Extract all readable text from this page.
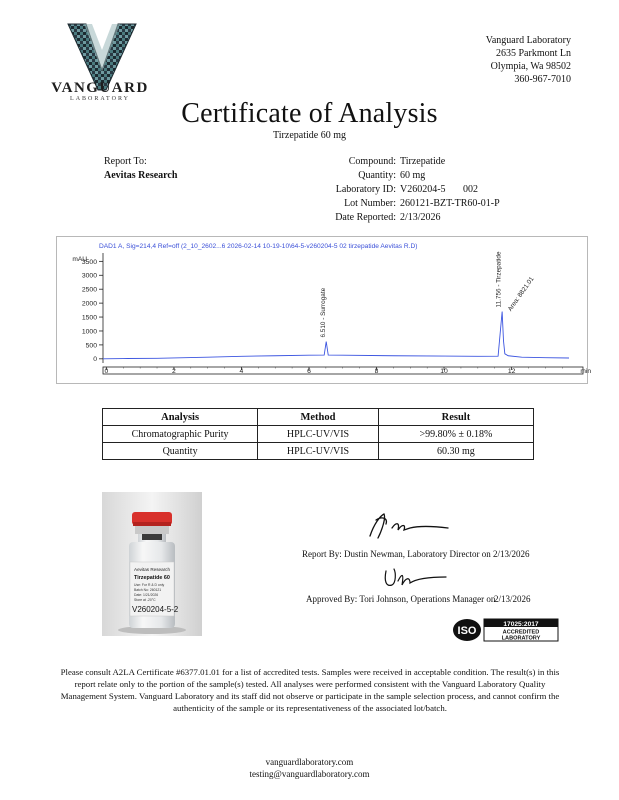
VANGUARD
LABORATORY
Vanguard Laboratory
2635 Parkmont Ln
Olympia, Wa 98502
360-967-7010
Certificate of Analysis
Tirzepatide 60 mg
Report To:
Aevitas Research
Compound: Tirzepatide
Quantity: 60 mg
Laboratory ID: V260204-5       002
Lot Number: 260121-BZT-TR60-01-P
Date Reported: 2/13/2026
DAD1 A, Sig=214,4 Ref=off (2_10_2602...6 2026-02-14 10-19-10\64-5-v260204-5 02 tirzepatide Aevitas R.D)
mAU
0
500
1000
1500
2000
2500
3000
3500
0	2	4	6	8	10	12	min
6.510 - Surrogate
11.756 - Tirzepatide Area: 8821.01
Analysis	Method	Result
Chromatographic Purity	HPLC-UV/VIS	>99.80% ± 0.18%
Quantity	HPLC-UV/VIS	60.30 mg
Aevitas Research
Tirzepatide 60
Use: For R & D only
Batch No: 260121
Date: 1/21/2026
Store at -20°C
V260204-5-2
Report By: Dustin Newman, Laboratory Director on 2/13/2026
Approved By: Tori Johnson, Operations Manager on
2/13/2026
ISO
17025:2017
ACCREDITED
LABORATORY
Please consult A2LA Certificate #6377.01.01 for a list of accredited tests. Samples were received in acceptable condition. The result(s) in this report relate only to the portion of the sample(s) tested. All analyses were performed consistent with the Vanguard Laboratory Quality Management System. Vanguard Laboratory and its staff did not observe or participate in the sample selection process, and cannot confirm the authenticity of the sample or its representativeness of the associated lot/batch.
vanguardlaboratory.com
testing@vanguardlaboratory.com
